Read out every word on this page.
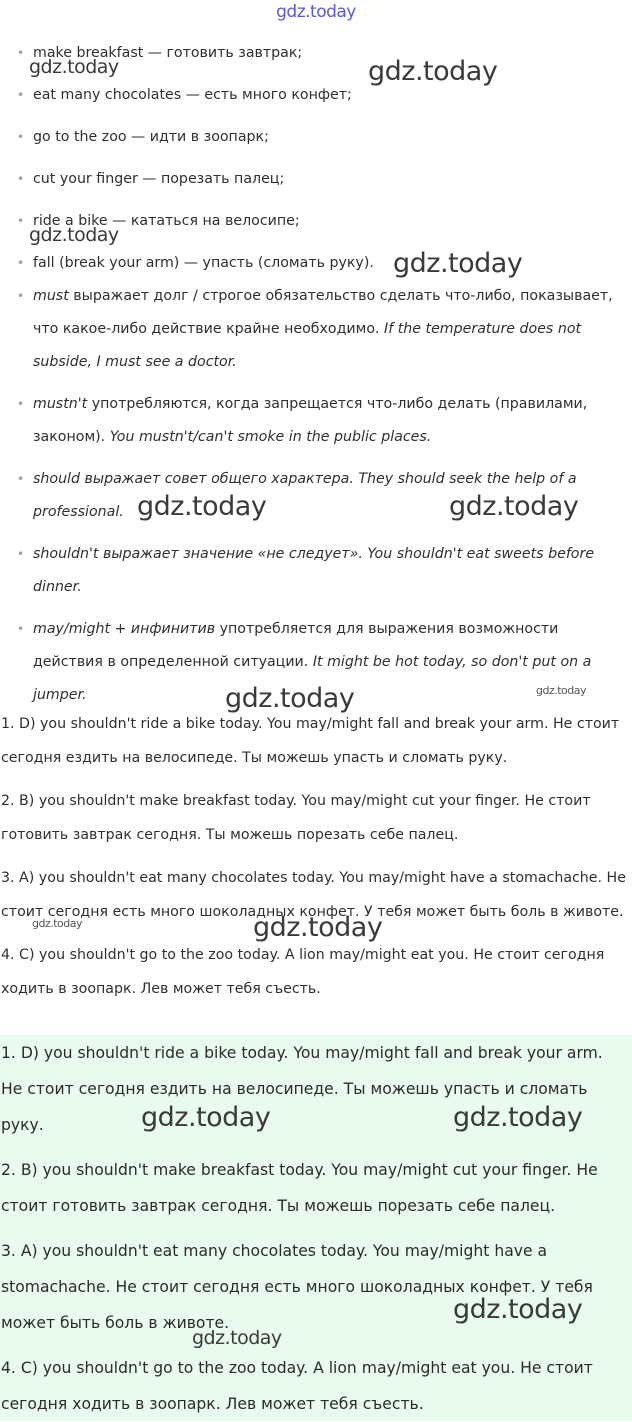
gdz.today
• make breakfast — готовить завтрак;
• eat many chocolates — есть много конфет;
• go to the zoo — идти в зоопарк;
• cut your finger — порезать палец;
• ride a bike — кататься на велосипе;
• fall (break your arm) — упасть (сломать руку).
• must выражает долг / строгое обязательство сделать что-либо, показывает, что какое-либо действие крайне необходимо. If the temperature does not subside, I must see a doctor.
• mustn't употребляются, когда запрещается что-либо делать (правилами, законом). You mustn't/can't smoke in the public places.
• should выражает совет общего характера. They should seek the help of a professional.
• shouldn't выражает значение «не следует». You shouldn't eat sweets before dinner.
• may/might + инфинитив употребляется для выражения возможности действия в определенной ситуации. It might be hot today, so don't put on a jumper.

1. D) you shouldn't ride a bike today. You may/might fall and break your arm. Не стоит сегодня ездить на велосипеде. Ты можешь упасть и сломать руку.

2. B) you shouldn't make breakfast today. You may/might cut your finger. Не стоит готовить завтрак сегодня. Ты можешь порезать себе палец.

3. A) you shouldn't eat many chocolates today. You may/might have a stomachache. Не стоит сегодня есть много шоколадных конфет. У тебя может быть боль в животе.

4. C) you shouldn't go to the zoo today. A lion may/might eat you. Не стоит сегодня ходить в зоопарк. Лев может тебя съесть.

1. D) you shouldn't ride a bike today. You may/might fall and break your arm. Не стоит сегодня ездить на велосипеде. Ты можешь упасть и сломать руку.

2. B) you shouldn't make breakfast today. You may/might cut your finger. Не стоит готовить завтрак сегодня. Ты можешь порезать себе палец.

3. A) you shouldn't eat many chocolates today. You may/might have a stomachache. Не стоит сегодня есть много шоколадных конфет. У тебя может быть боль в животе.

4. C) you shouldn't go to the zoo today. A lion may/might eat you. Не стоит сегодня ходить в зоопарк. Лев может тебя съесть.

gdz.today	gdz.today
gdz.today
gdz.today
gdz.today	gdz.today
gdz.today	gdz.today
gdz.today	gdz.today
gdz.today	gdz.today
gdz.today
gdz.today
